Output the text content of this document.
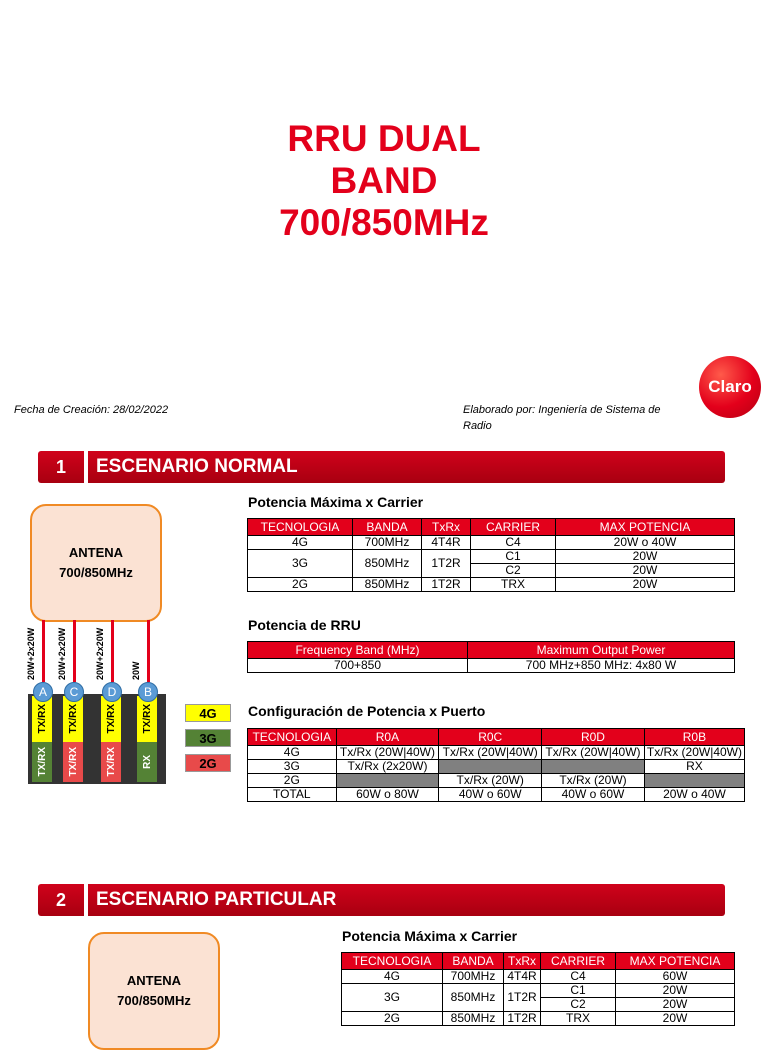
RRU DUAL
BAND
700/850MHz
Fecha de Creación: 28/02/2022	Elaborado por: Ingeniería de Sistema de
Radio
Claro
1	ESCENARIO NORMAL
ANTENA
700/850MHz
20W+2x20W 20W+2x20W	20W+2x20W	20W
TX/RX
TX/RX
TX/RX
TX/RX
TX/RX
TX/RX
TX/RX
RX
A	C	D	B
4G
3G
2G
Potencia Máxima x Carrier
TECNOLOGIA	BANDA	TxRx	CARRIER	MAX POTENCIA
4G	700MHz	4T4R	C4	20W o 40W
3G	850MHz	1T2R	C1	20W
			C2	20W
2G	850MHz	1T2R	TRX	20W
Potencia de RRU
Frequency Band (MHz)	Maximum Output Power
700+850	700 MHz+850 MHz: 4x80 W
Configuración de Potencia x Puerto
TECNOLOGIA	R0A	R0C	R0D	R0B
4G	Tx/Rx (20W|40W)	Tx/Rx (20W|40W)	Tx/Rx (20W|40W)	Tx/Rx (20W|40W)
3G	Tx/Rx (2x20W)			RX
2G		Tx/Rx (20W)	Tx/Rx (20W)	
TOTAL	60W o 80W	40W o 60W	40W o 60W	20W o 40W
2	ESCENARIO PARTICULAR
ANTENA
700/850MHz
Potencia Máxima x Carrier
TECNOLOGIA	BANDA	TxRx	CARRIER	MAX POTENCIA
4G	700MHz	4T4R	C4	60W
3G	850MHz	1T2R	C1	20W
			C2	20W
2G	850MHz	1T2R	TRX	20W
